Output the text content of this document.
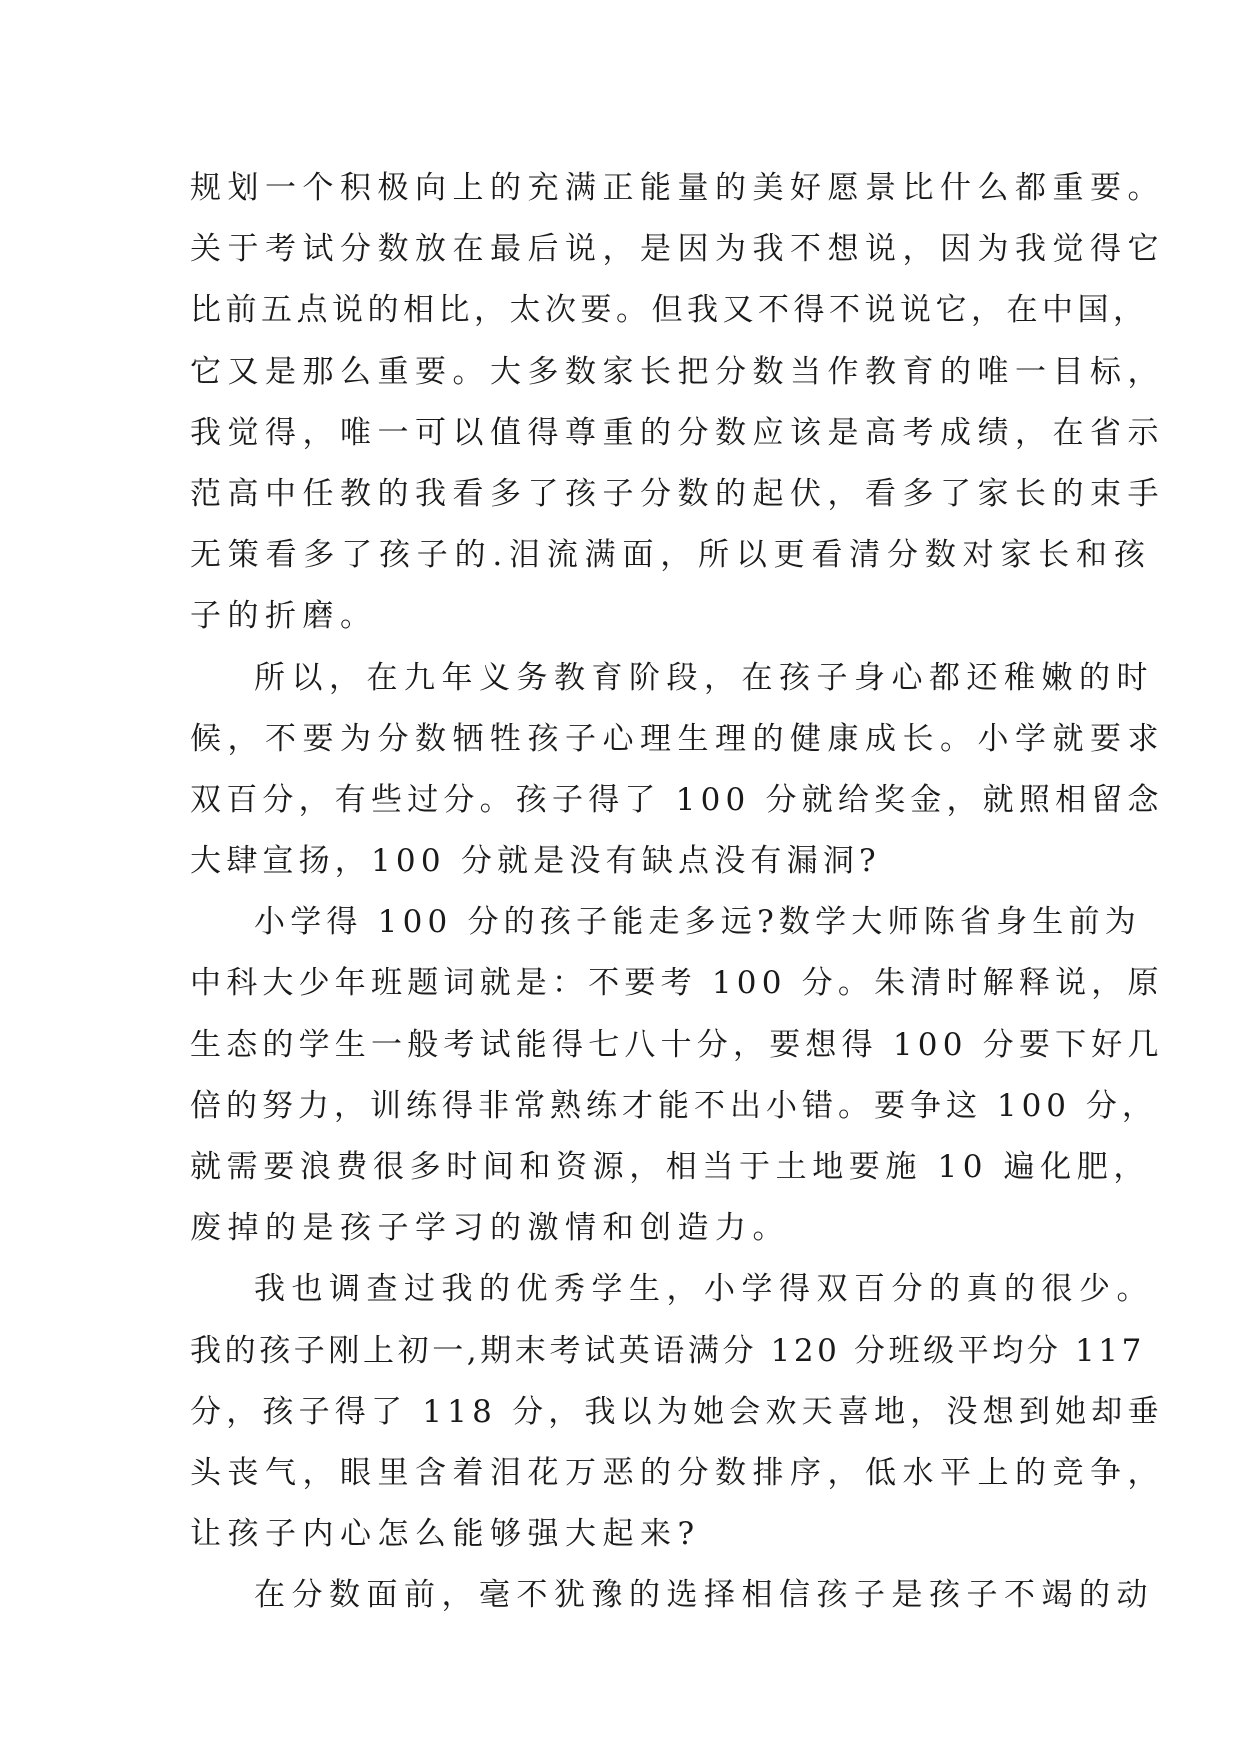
规划一个积极向上的充满正能量的美好愿景比什么都重要。
关于考试分数放在最后说，是因为我不想说，因为我觉得它
比前五点说的相比，太次要。但我又不得不说说它，在中国，
它又是那么重要。大多数家长把分数当作教育的唯一目标，
我觉得，唯一可以值得尊重的分数应该是高考成绩，在省示
范高中任教的我看多了孩子分数的起伏，看多了家长的束手
无策看多了孩子的.泪流满面，所以更看清分数对家长和孩
子的折磨。
所以，在九年义务教育阶段，在孩子身心都还稚嫩的时
候，不要为分数牺牲孩子心理生理的健康成长。小学就要求
双百分，有些过分。孩子得了 100 分就给奖金，就照相留念
大肆宣扬，100 分就是没有缺点没有漏洞?
小学得 100 分的孩子能走多远?数学大师陈省身生前为
中科大少年班题词就是：不要考 100 分。朱清时解释说，原
生态的学生一般考试能得七八十分，要想得 100 分要下好几
倍的努力，训练得非常熟练才能不出小错。要争这 100 分，
就需要浪费很多时间和资源，相当于土地要施 10 遍化肥，
废掉的是孩子学习的激情和创造力。
我也调查过我的优秀学生，小学得双百分的真的很少。
我的孩子刚上初一,期末考试英语满分 120 分班级平均分 117
分，孩子得了 118 分，我以为她会欢天喜地，没想到她却垂
头丧气，眼里含着泪花万恶的分数排序，低水平上的竞争，
让孩子内心怎么能够强大起来?
在分数面前，毫不犹豫的选择相信孩子是孩子不竭的动
